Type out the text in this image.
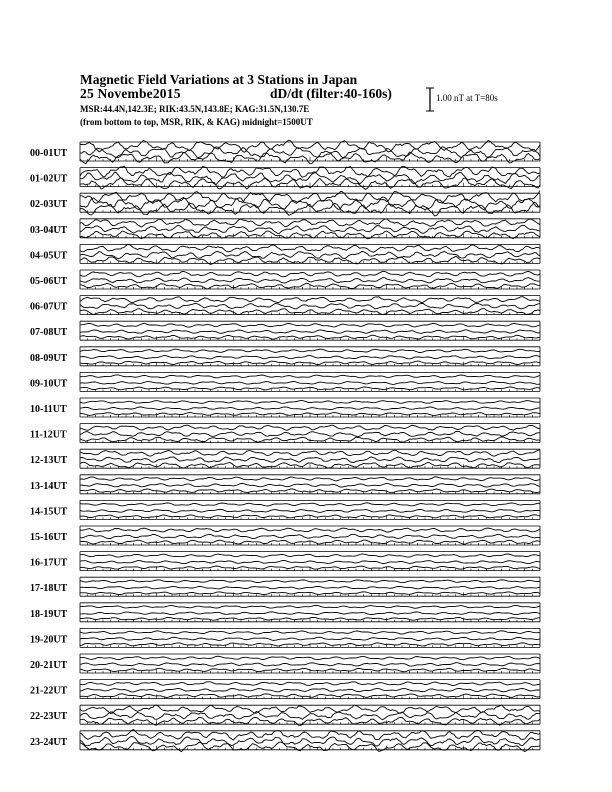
Magnetic Field Variations at 3 Stations in Japan
25 Novembe2015	dD/dt (filter:40-160s)
MSR:44.4N,142.3E; RIK:43.5N,143.8E; KAG:31.5N,130.7E
(from bottom to top, MSR, RIK, & KAG) midnight=1500UT
1.00 nT at T=80s
00-01UT
01-02UT
02-03UT
03-04UT
04-05UT
05-06UT
06-07UT
07-08UT
08-09UT
09-10UT
10-11UT
11-12UT
12-13UT
13-14UT
14-15UT
15-16UT
16-17UT
17-18UT
18-19UT
19-20UT
20-21UT
21-22UT
22-23UT
23-24UT
